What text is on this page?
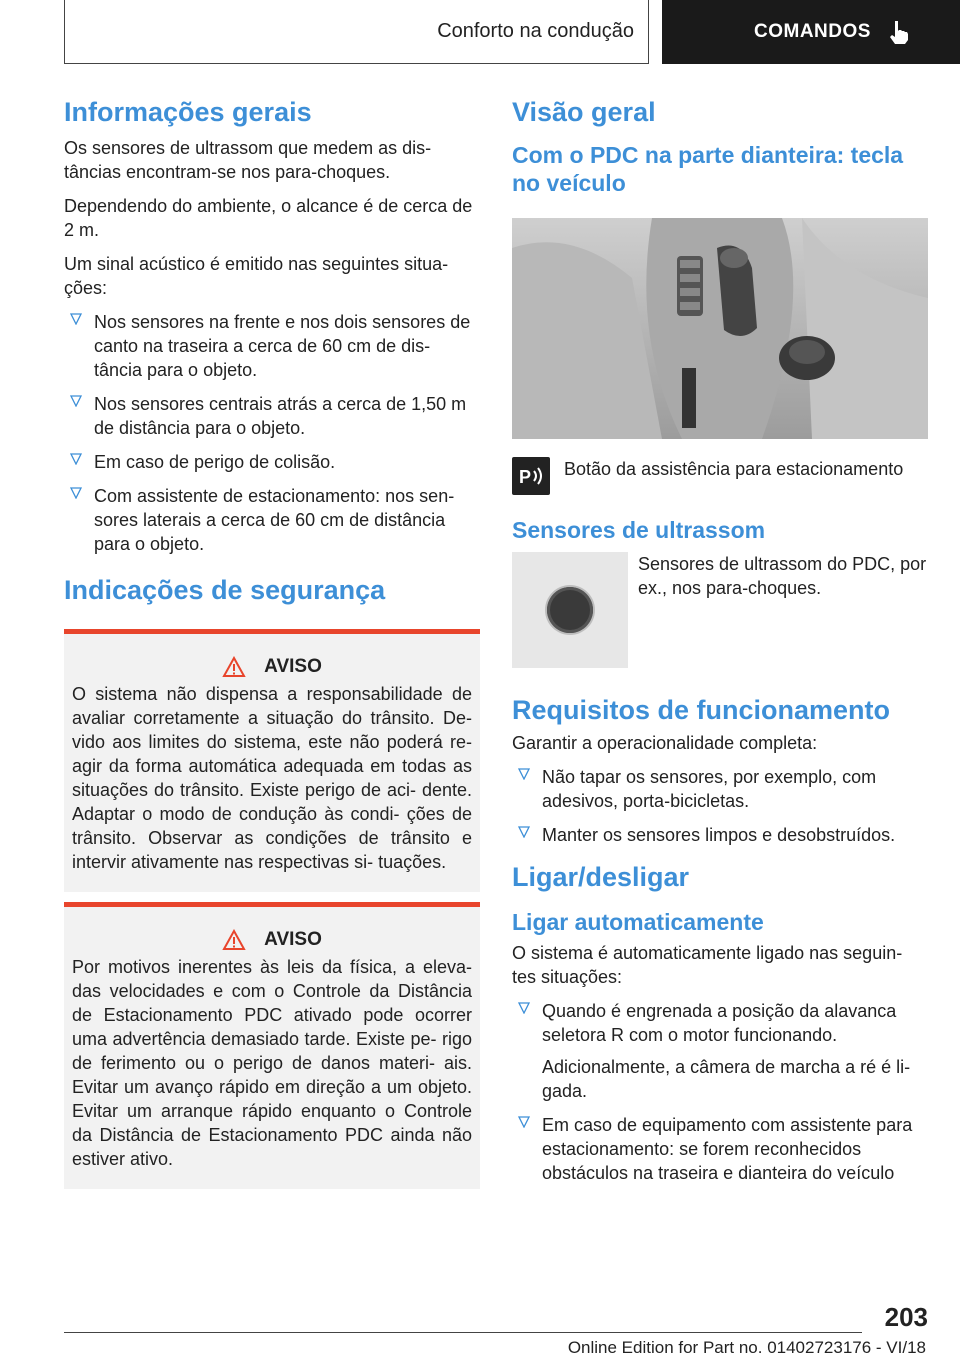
Conforto na condução	COMANDOS
Informações gerais

Os sensores de ultrassom que medem as dis- tâncias encontram-se nos para-choques.

Dependendo do ambiente, o alcance é de cerca de 2 m.

Um sinal acústico é emitido nas seguintes situa- ções:

Nos sensores na frente e nos dois sensores de canto na traseira a cerca de 60 cm de dis- tância para o objeto.
Nos sensores centrais atrás a cerca de 1,50 m de distância para o objeto.
Em caso de perigo de colisão.
Com assistente de estacionamento: nos sen- sores laterais a cerca de 60 cm de distância para o objeto.
Indicações de segurança
AVISO

O sistema não dispensa a responsabilidade de avaliar corretamente a situação do trânsito. De- vido aos limites do sistema, este não poderá re- agir da forma automática adequada em todas as situações do trânsito. Existe perigo de aci- dente. Adaptar o modo de condução às condi- ções de trânsito. Observar as condições de trânsito e intervir ativamente nas respectivas si- tuações.

AVISO

Por motivos inerentes às leis da física, a eleva- das velocidades e com o Controle da Distância de Estacionamento PDC ativado pode ocorrer uma advertência demasiado tarde. Existe pe- rigo de ferimento ou o perigo de danos materi- ais. Evitar um avanço rápido em direção a um objeto. Evitar um arranque rápido enquanto o Controle da Distância de Estacionamento PDC ainda não estiver ativo.

Visão geral
Com o PDC na parte dianteira: tecla no veículo
P Botão da assistência para estacionamento
Sensores de ultrassom

Sensores de ultrassom do PDC, por ex., nos para-choques.

Requisitos de funcionamento

Garantir a operacionalidade completa:

Não tapar os sensores, por exemplo, com adesivos, porta-bicicletas.
Manter os sensores limpos e desobstruídos.
Ligar/desligar
Ligar automaticamente

O sistema é automaticamente ligado nas seguin- tes situações:

Quando é engrenada a posição da alavanca seletora R com o motor funcionando.
Adicionalmente, a câmera de marcha a ré é li- gada.
Em caso de equipamento com assistente para estacionamento: se forem reconhecidos obstáculos na traseira e dianteira do veículo
203
Online Edition for Part no. 01402723176 - VI/18
